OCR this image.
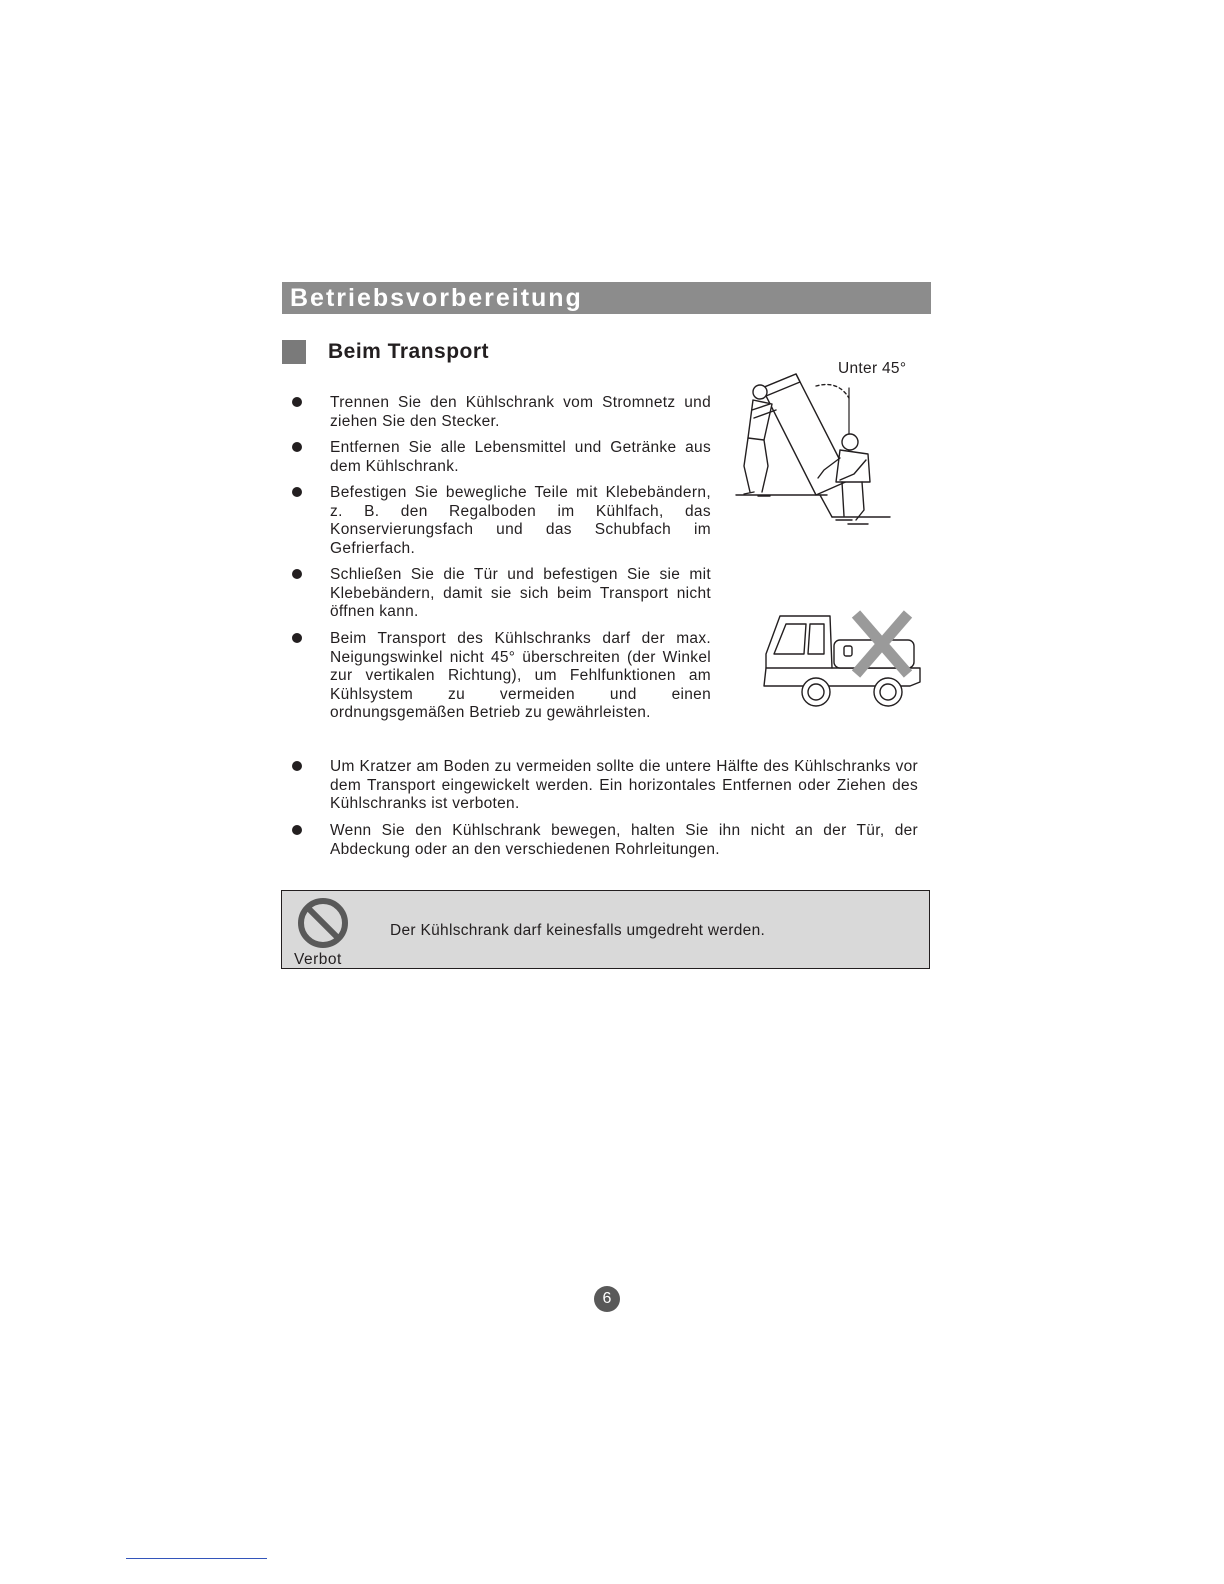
Betriebsvorbereitung
Beim Transport
Unter 45°
Trennen Sie den Kühlschrank vom Stromnetz und ziehen Sie den Stecker.
Entfernen Sie alle Lebensmittel und Getränke aus dem Kühlschrank.
Befestigen Sie bewegliche Teile mit Klebebändern, z. B. den Regalboden im Kühlfach, das Konservierungsfach und das Schubfach im Gefrierfach.
Schließen Sie die Tür und befestigen Sie sie mit Klebebändern, damit sie sich beim Transport nicht öffnen kann.
Beim Transport des Kühlschranks darf der max. Neigungswinkel nicht 45° überschreiten (der Winkel zur vertikalen Richtung), um Fehlfunktionen am Kühlsystem zu vermeiden und einen ordnungsgemäßen Betrieb zu gewährleisten.
Um Kratzer am Boden zu vermeiden sollte die untere Hälfte des Kühlschranks vor dem Transport eingewickelt werden. Ein horizontales Entfernen oder Ziehen des Kühlschranks ist verboten.
Wenn Sie den Kühlschrank bewegen, halten Sie ihn nicht an der Tür, der Abdeckung oder an den verschiedenen Rohrleitungen.
Verbot
Der Kühlschrank darf keinesfalls umgedreht werden.
6
